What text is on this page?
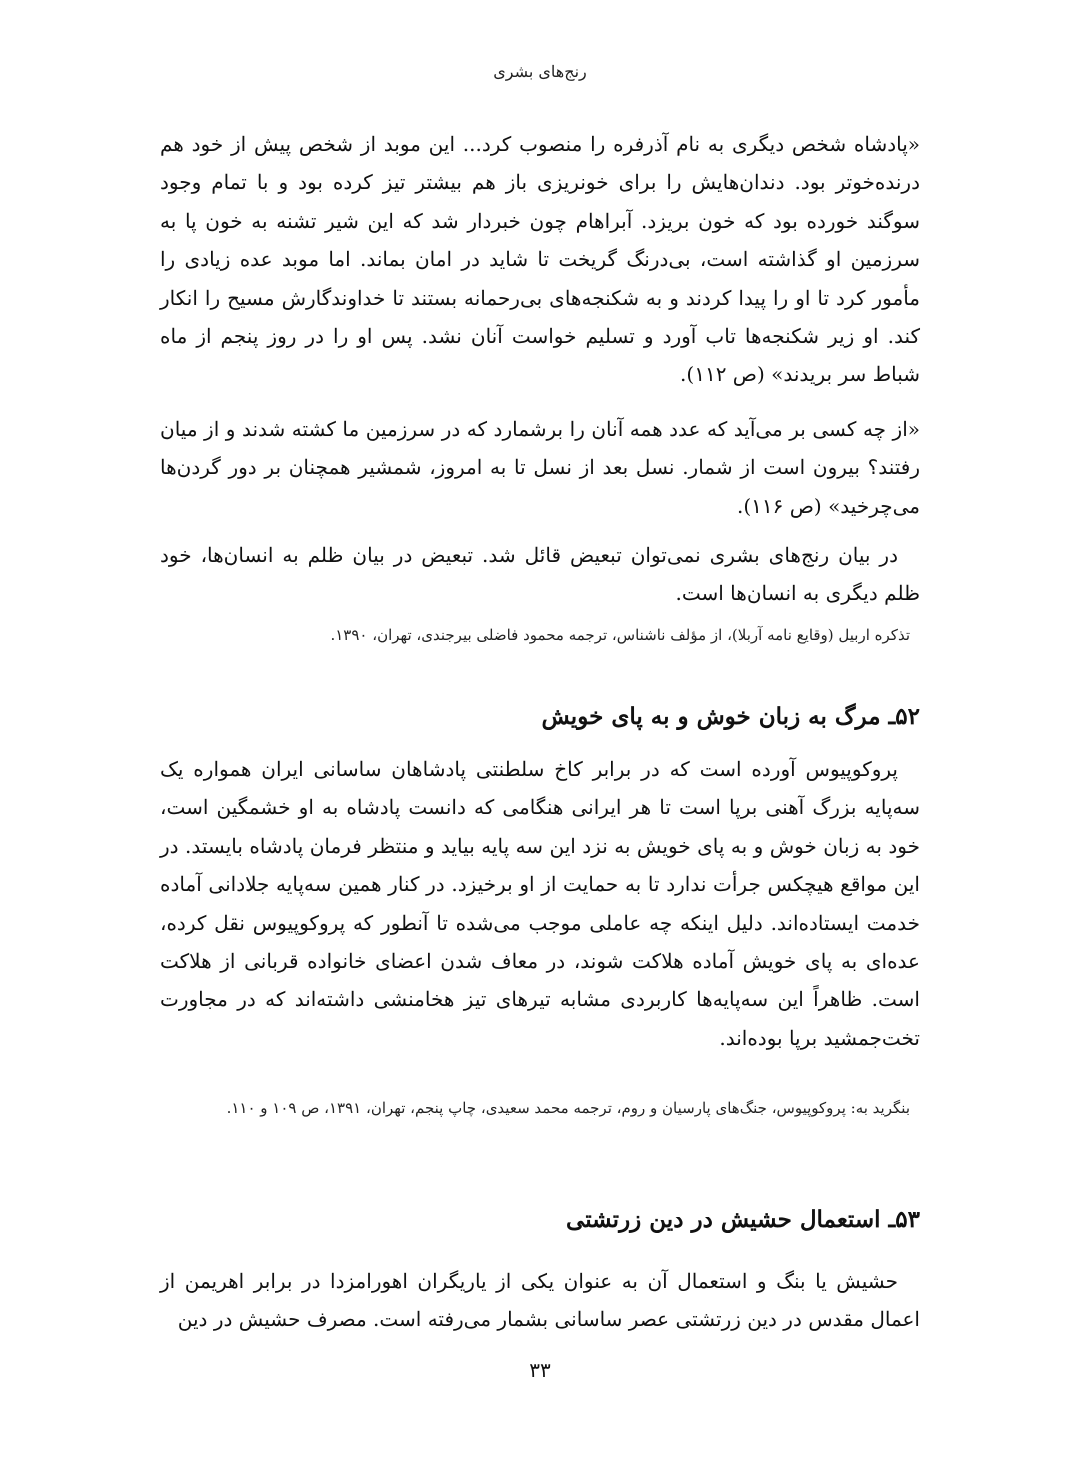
رنج‌های بشری

«پادشاه شخص دیگری به نام آذرفره را منصوب کرد... این موبد از شخص پیش از خود هم درنده‌خوتر بود. دندان‌هایش را برای خونریزی باز هم بیشتر تیز کرده بود و با تمام وجود سوگند خورده بود که خون بریزد. آبراهام چون خبردار شد که این شیر تشنه به خون پا به سرزمین او گذاشته است، بی‌درنگ گریخت تا شاید در امان بماند. اما موبد عده زیادی را مأمور کرد تا او را پیدا کردند و به شکنجه‌های بی‌رحمانه بستند تا خداوندگارش مسیح را انکار کند. او زیر شکنجه‌ها تاب آورد و تسلیم خواست آنان نشد. پس او را در روز پنجم از ماه شباط سر بریدند» (ص ۱۱۲).

«از چه کسی بر می‌آید که عدد همه آنان را برشمارد که در سرزمین ما کشته شدند و از میان رفتند؟ بیرون است از شمار. نسل بعد از نسل تا به امروز، شمشیر همچنان بر دور گردن‌ها می‌چرخید» (ص ۱۱۶).

در بیان رنج‌های بشری نمی‌توان تبعیض قائل شد. تبعیض در بیان ظلم به انسان‌ها، خود ظلم دیگری به انسان‌ها است.

تذکره اربیل (وقایع نامه آربلا)، از مؤلف ناشناس، ترجمه محمود فاضلی بیرجندی، تهران، ۱۳۹۰.

۵۲ـ مرگ به زبان خوش و به پای خویش

پروکوپیوس آورده است که در برابر کاخ سلطنتی پادشاهان ساسانی ایران همواره یک سه‌پایه بزرگ آهنی برپا است تا هر ایرانی هنگامی که دانست پادشاه به او خشمگین است، خود به زبان خوش و به پای خویش به نزد این سه پایه بیاید و منتظر فرمان پادشاه بایستد. در این مواقع هیچکس جرأت ندارد تا به حمایت از او برخیزد. در کنار همین سه‌پایه جلادانی آماده خدمت ایستاده‌اند. دلیل اینکه چه عاملی موجب می‌شده تا آنطور که پروکوپیوس نقل کرده، عده‌ای به پای خویش آماده هلاکت شوند، در معاف شدن اعضای خانواده قربانی از هلاکت است. ظاهراً این سه‌پایه‌ها کاربردی مشابه تیرهای تیز هخامنشی داشته‌اند که در مجاورت تخت‌جمشید برپا بوده‌اند.

بنگرید به: پروکوپیوس، جنگ‌های پارسیان و روم، ترجمه محمد سعیدی، چاپ پنجم، تهران، ۱۳۹۱، ص ۱۰۹ و ۱۱۰.

۵۳ـ استعمال حشیش در دین زرتشتی

حشیش یا بنگ و استعمال آن به عنوان یکی از یاریگران اهورامزدا در برابر اهریمن از اعمال مقدس در دین زرتشتی عصر ساسانی بشمار می‌رفته است. مصرف حشیش در دین

۳۳
